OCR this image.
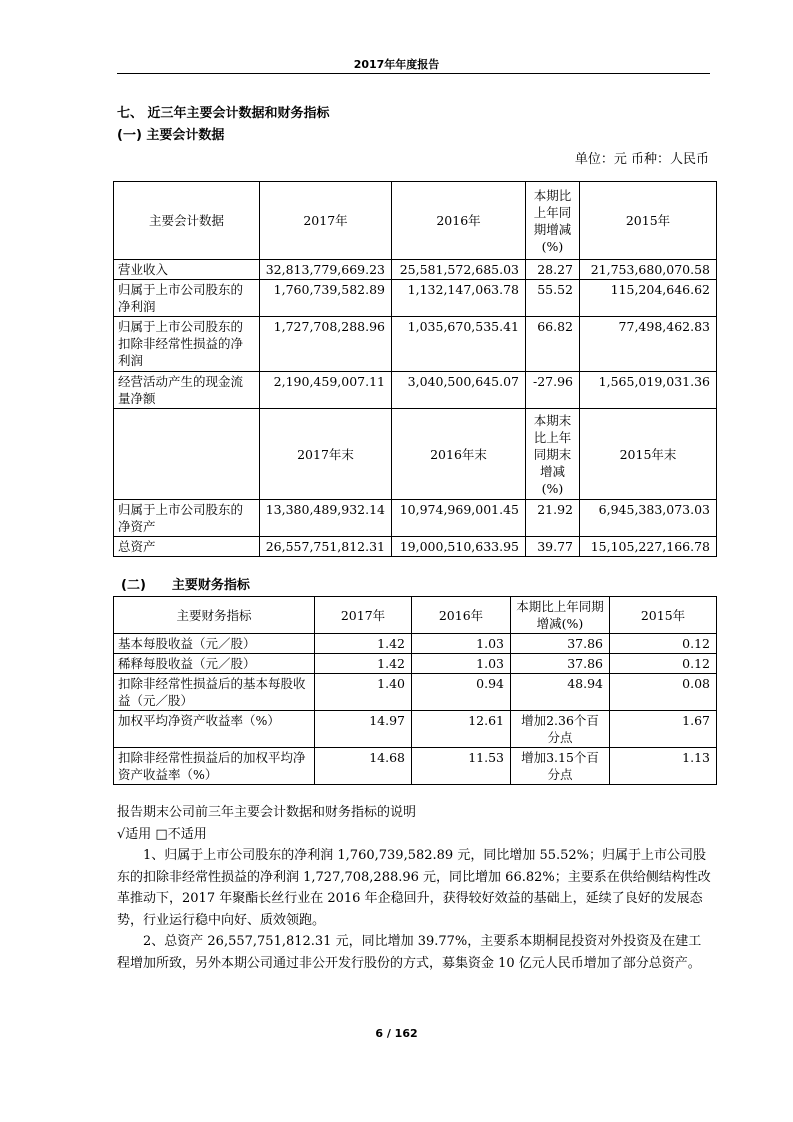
2017年年度报告
七、 近三年主要会计数据和财务指标
(一) 主要会计数据
单位：元 币种：人民币
主要会计数据	2017年	2016年	本期比上年同期增减(%)	2015年
营业收入	32,813,779,669.23	25,581,572,685.03	28.27	21,753,680,070.58
归属于上市公司股东的净利润	1,760,739,582.89	1,132,147,063.78	55.52	115,204,646.62
归属于上市公司股东的扣除非经常性损益的净利润	1,727,708,288.96	1,035,670,535.41	66.82	77,498,462.83
经营活动产生的现金流量净额	2,190,459,007.11	3,040,500,645.07	-27.96	1,565,019,031.36
	2017年末	2016年末	本期末比上年同期末增减(%)	2015年末
归属于上市公司股东的净资产	13,380,489,932.14	10,974,969,001.45	21.92	6,945,383,073.03
总资产	26,557,751,812.31	19,000,510,633.95	39.77	15,105,227,166.78
(二) 主要财务指标
主要财务指标	2017年	2016年	本期比上年同期增减(%)	2015年
基本每股收益（元／股）	1.42	1.03	37.86	0.12
稀释每股收益（元／股）	1.42	1.03	37.86	0.12
扣除非经常性损益后的基本每股收益（元／股）	1.40	0.94	48.94	0.08
加权平均净资产收益率（%）	14.97	12.61	增加2.36个百分点	1.67
扣除非经常性损益后的加权平均净资产收益率（%）	14.68	11.53	增加3.15个百分点	1.13

报告期末公司前三年主要会计数据和财务指标的说明

√适用 □不适用

1、归属于上市公司股东的净利润 1,760,739,582.89 元，同比增加 55.52%；归属于上市公司股东的扣除非经常性损益的净利润 1,727,708,288.96 元，同比增加 66.82%；主要系在供给侧结构性改革推动下，2017 年聚酯长丝行业在 2016 年企稳回升，获得较好效益的基础上，延续了良好的发展态势，行业运行稳中向好、质效领跑。

2、总资产 26,557,751,812.31 元，同比增加 39.77%，主要系本期桐昆投资对外投资及在建工程增加所致，另外本期公司通过非公开发行股份的方式，募集资金 10 亿元人民币增加了部分总资产。

6 / 162
